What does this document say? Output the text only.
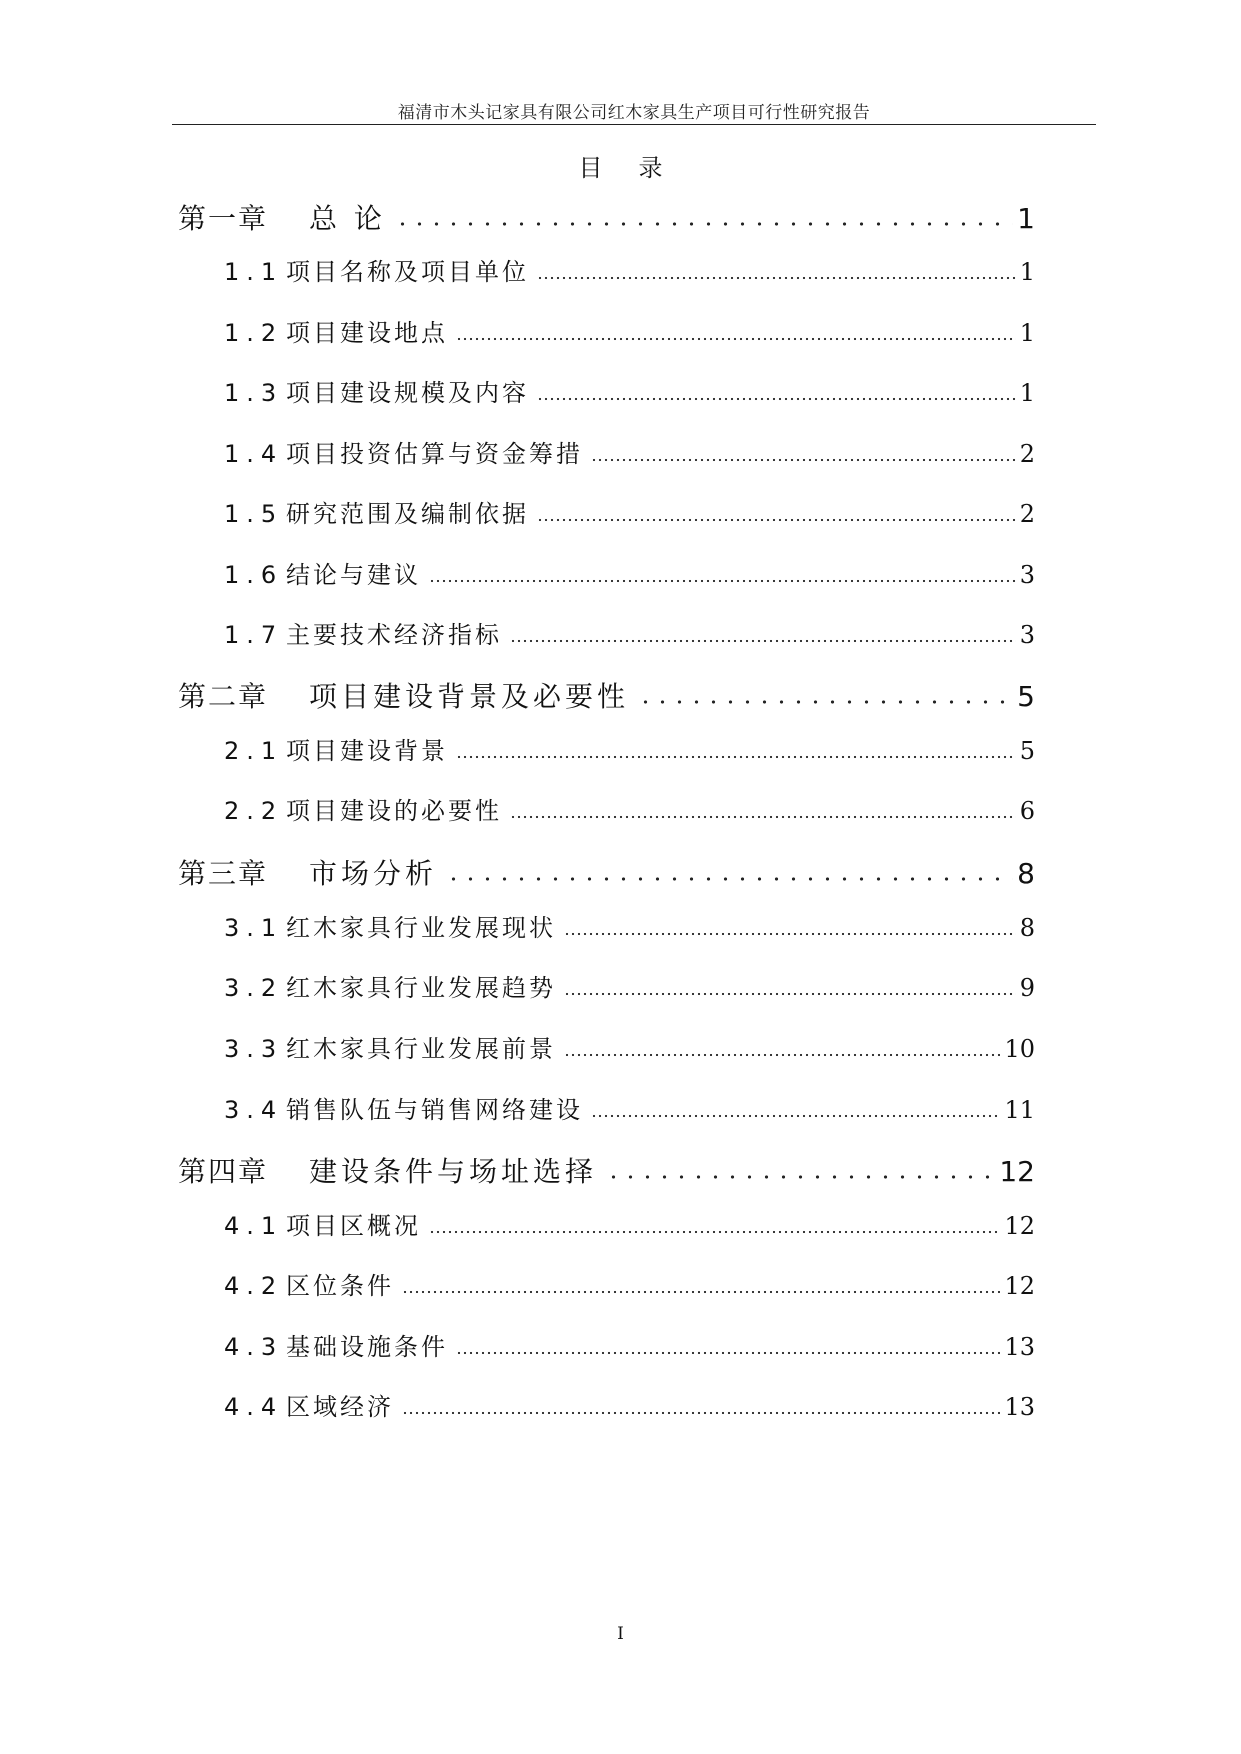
福清市木头记家具有限公司红木家具生产项目可行性研究报告
目录
第一章	总 论	1
1.1 项目名称及项目单位	1
1.2 项目建设地点	1
1.3 项目建设规模及内容	1
1.4 项目投资估算与资金筹措	2
1.5 研究范围及编制依据	2
1.6 结论与建议	3
1.7 主要技术经济指标	3
第二章	项目建设背景及必要性	5
2.1 项目建设背景	5
2.2 项目建设的必要性	6
第三章	市场分析	8
3.1 红木家具行业发展现状	8
3.2 红木家具行业发展趋势	9
3.3 红木家具行业发展前景	10
3.4 销售队伍与销售网络建设	11
第四章	建设条件与场址选择	12
4.1 项目区概况	12
4.2 区位条件	12
4.3 基础设施条件	13
4.4 区域经济	13
I
